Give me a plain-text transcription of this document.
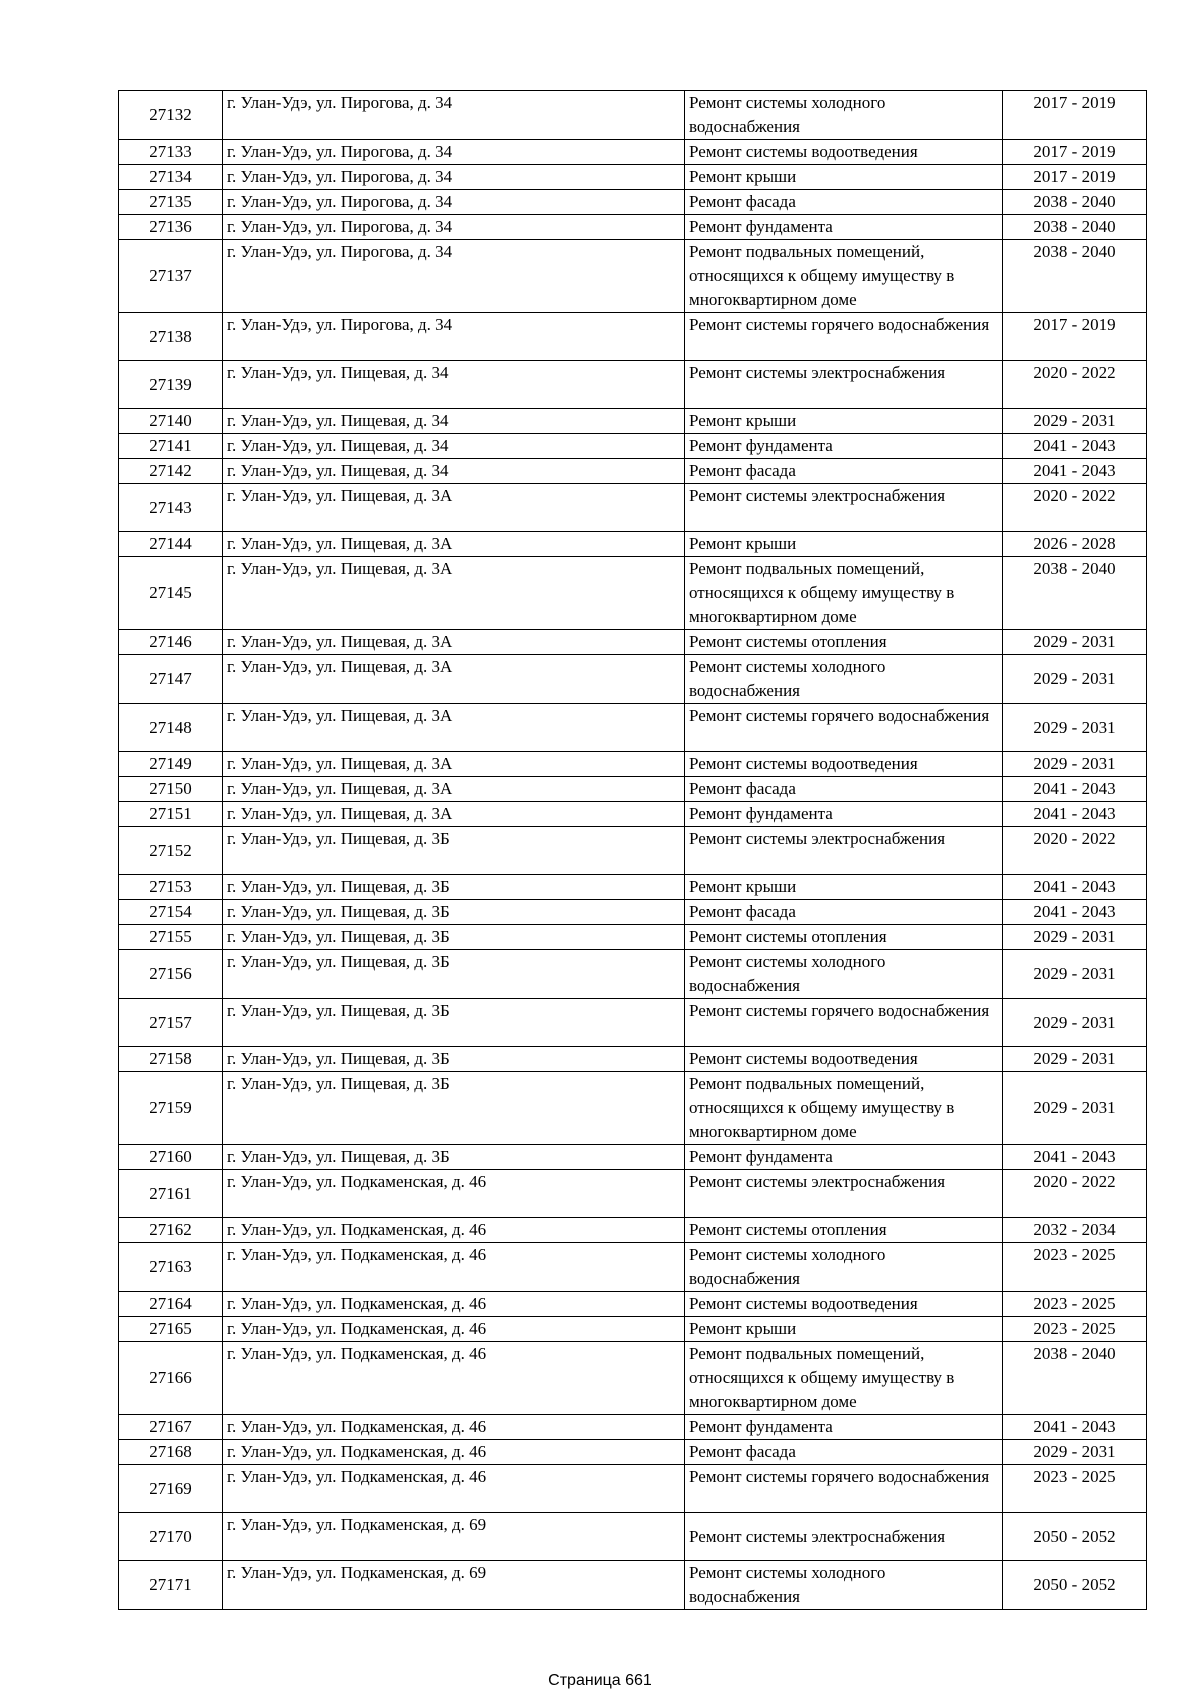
27132	г. Улан-Удэ, ул. Пирогова, д. 34	Ремонт системы холодного водоснабжения	2017 - 2019
27133	г. Улан-Удэ, ул. Пирогова, д. 34	Ремонт системы водоотведения	2017 - 2019
27134	г. Улан-Удэ, ул. Пирогова, д. 34	Ремонт крыши	2017 - 2019
27135	г. Улан-Удэ, ул. Пирогова, д. 34	Ремонт фасада	2038 - 2040
27136	г. Улан-Удэ, ул. Пирогова, д. 34	Ремонт фундамента	2038 - 2040
27137	г. Улан-Удэ, ул. Пирогова, д. 34	Ремонт подвальных помещений, относящихся к общему имуществу в многоквартирном доме	2038 - 2040
27138	г. Улан-Удэ, ул. Пирогова, д. 34	Ремонт системы горячего водоснабжения	2017 - 2019
27139	г. Улан-Удэ, ул. Пищевая, д. 34	Ремонт системы электроснабжения	2020 - 2022
27140	г. Улан-Удэ, ул. Пищевая, д. 34	Ремонт крыши	2029 - 2031
27141	г. Улан-Удэ, ул. Пищевая, д. 34	Ремонт фундамента	2041 - 2043
27142	г. Улан-Удэ, ул. Пищевая, д. 34	Ремонт фасада	2041 - 2043
27143	г. Улан-Удэ, ул. Пищевая, д. 3А	Ремонт системы электроснабжения	2020 - 2022
27144	г. Улан-Удэ, ул. Пищевая, д. 3А	Ремонт крыши	2026 - 2028
27145	г. Улан-Удэ, ул. Пищевая, д. 3А	Ремонт подвальных помещений, относящихся к общему имуществу в многоквартирном доме	2038 - 2040
27146	г. Улан-Удэ, ул. Пищевая, д. 3А	Ремонт системы отопления	2029 - 2031
27147	г. Улан-Удэ, ул. Пищевая, д. 3А	Ремонт системы холодного водоснабжения	2029 - 2031
27148	г. Улан-Удэ, ул. Пищевая, д. 3А	Ремонт системы горячего водоснабжения	2029 - 2031
27149	г. Улан-Удэ, ул. Пищевая, д. 3А	Ремонт системы водоотведения	2029 - 2031
27150	г. Улан-Удэ, ул. Пищевая, д. 3А	Ремонт фасада	2041 - 2043
27151	г. Улан-Удэ, ул. Пищевая, д. 3А	Ремонт фундамента	2041 - 2043
27152	г. Улан-Удэ, ул. Пищевая, д. 3Б	Ремонт системы электроснабжения	2020 - 2022
27153	г. Улан-Удэ, ул. Пищевая, д. 3Б	Ремонт крыши	2041 - 2043
27154	г. Улан-Удэ, ул. Пищевая, д. 3Б	Ремонт фасада	2041 - 2043
27155	г. Улан-Удэ, ул. Пищевая, д. 3Б	Ремонт системы отопления	2029 - 2031
27156	г. Улан-Удэ, ул. Пищевая, д. 3Б	Ремонт системы холодного водоснабжения	2029 - 2031
27157	г. Улан-Удэ, ул. Пищевая, д. 3Б	Ремонт системы горячего водоснабжения	2029 - 2031
27158	г. Улан-Удэ, ул. Пищевая, д. 3Б	Ремонт системы водоотведения	2029 - 2031
27159	г. Улан-Удэ, ул. Пищевая, д. 3Б	Ремонт подвальных помещений, относящихся к общему имуществу в многоквартирном доме	2029 - 2031
27160	г. Улан-Удэ, ул. Пищевая, д. 3Б	Ремонт фундамента	2041 - 2043
27161	г. Улан-Удэ, ул. Подкаменская, д. 46	Ремонт системы электроснабжения	2020 - 2022
27162	г. Улан-Удэ, ул. Подкаменская, д. 46	Ремонт системы отопления	2032 - 2034
27163	г. Улан-Удэ, ул. Подкаменская, д. 46	Ремонт системы холодного водоснабжения	2023 - 2025
27164	г. Улан-Удэ, ул. Подкаменская, д. 46	Ремонт системы водоотведения	2023 - 2025
27165	г. Улан-Удэ, ул. Подкаменская, д. 46	Ремонт крыши	2023 - 2025
27166	г. Улан-Удэ, ул. Подкаменская, д. 46	Ремонт подвальных помещений, относящихся к общему имуществу в многоквартирном доме	2038 - 2040
27167	г. Улан-Удэ, ул. Подкаменская, д. 46	Ремонт фундамента	2041 - 2043
27168	г. Улан-Удэ, ул. Подкаменская, д. 46	Ремонт фасада	2029 - 2031
27169	г. Улан-Удэ, ул. Подкаменская, д. 46	Ремонт системы горячего водоснабжения	2023 - 2025
27170	г. Улан-Удэ, ул. Подкаменская, д. 69	Ремонт системы электроснабжения	2050 - 2052
27171	г. Улан-Удэ, ул. Подкаменская, д. 69	Ремонт системы холодного водоснабжения	2050 - 2052
Страница 661
